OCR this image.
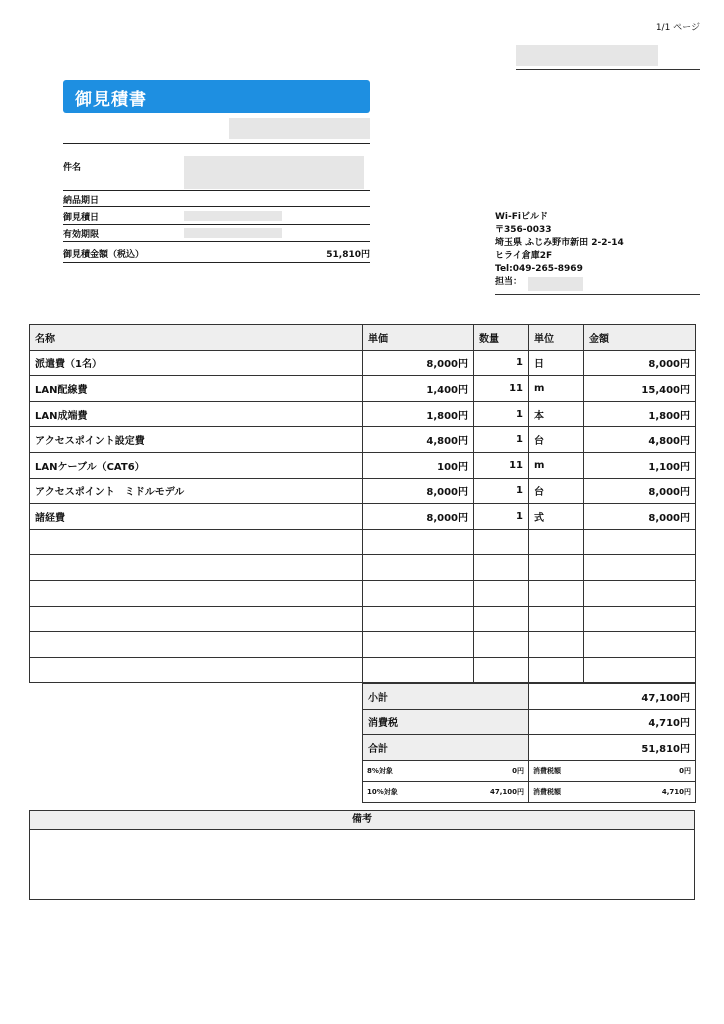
1/1 ページ
御見積書
件名
納品期日
御見積日
有効期限
御見積金額（税込）	51,810円
Wi-Fiビルド
〒356-0033
埼玉県 ふじみ野市新田 2-2-14
ヒライ倉庫2F
Tel:049-265-8969
担当：
名称	単価	数量	単位	金額
派遣費（1名）	8,000円	1	日	8,000円
LAN配線費	1,400円	11	m	15,400円
LAN成端費	1,800円	1	本	1,800円
アクセスポイント設定費	4,800円	1	台	4,800円
LANケーブル（CAT6）	100円	11	m	1,100円
アクセスポイント　ミドルモデル	8,000円	1	台	8,000円
諸経費	8,000円	1	式	8,000円

小計	47,100円
消費税	4,710円
合計	51,810円
8%対象	0円	消費税額	0円
10%対象	47,100円	消費税額	4,710円
備考
